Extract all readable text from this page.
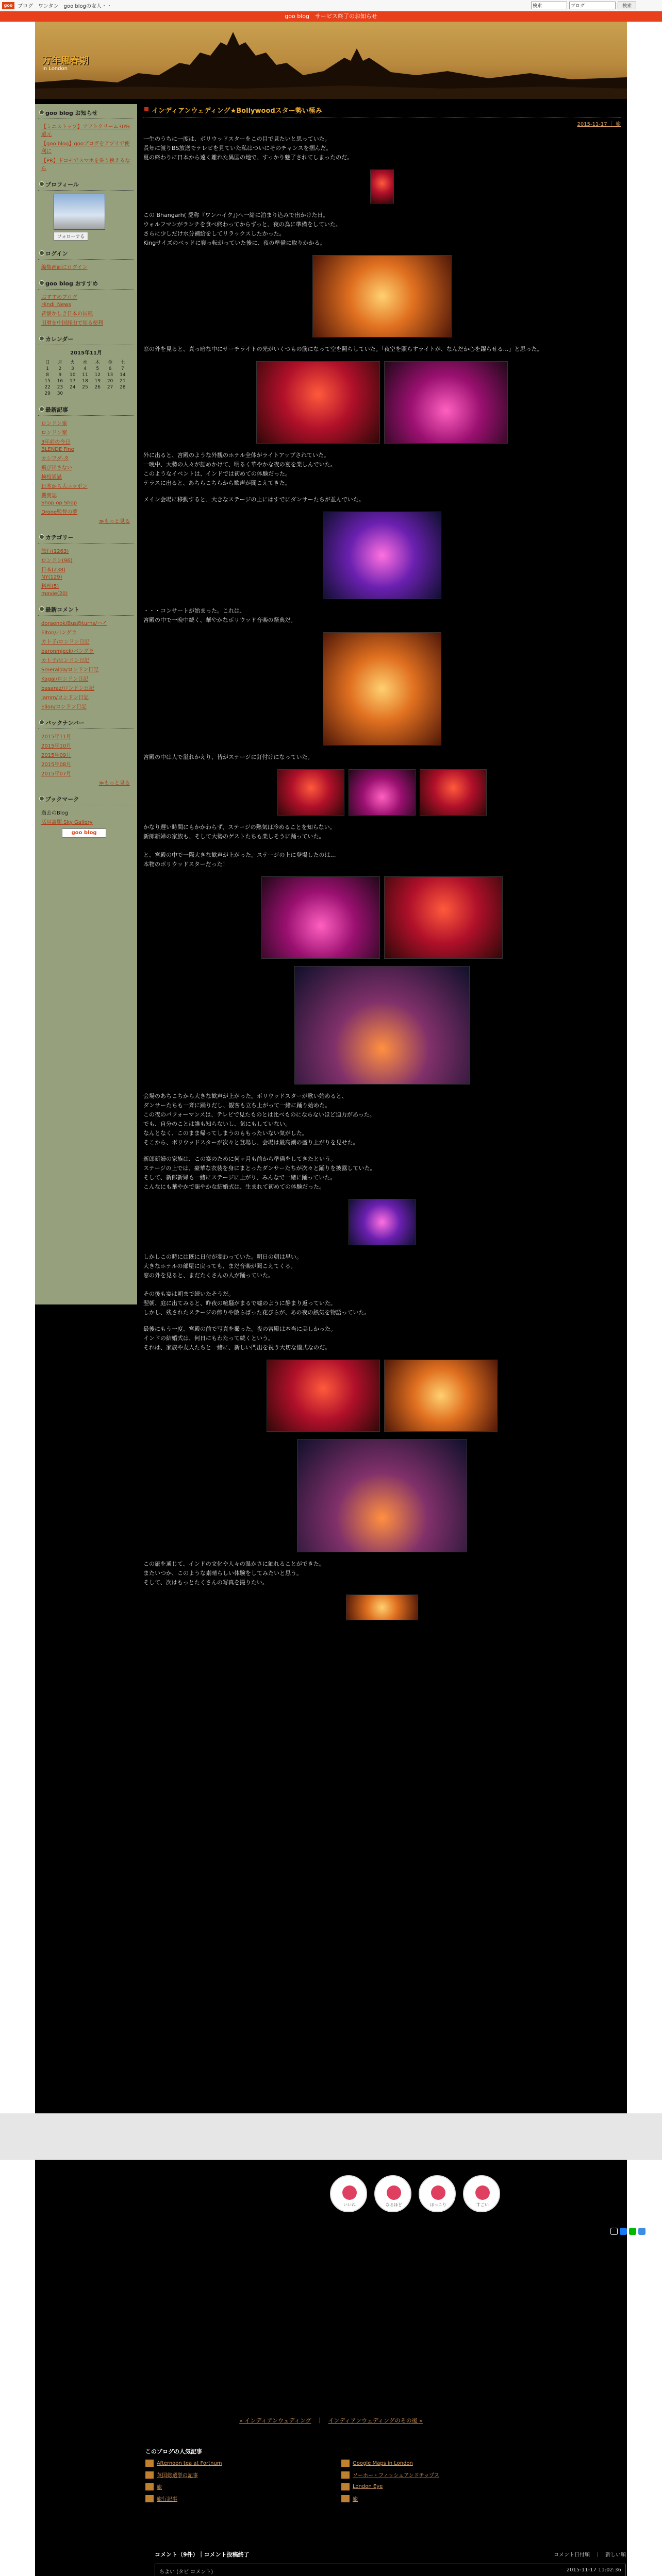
goo ブログ　ワンタン　goo blogの友人・・	検索	ブログ	検索
goo blog　サービス終了のお知らせ
万年思春期
in London
goo blog お知らせ
【ミニストップ】ソフトクリーム30%還元
【goo blog】gooブログをアプリで便利に
【PR】ドコモでスマホを乗り換えるなら
プロフィール
フォローする
ログイン
編集画面にログイン
goo blog おすすめ
おすすめブログ
Hindi_News
昔懐かしき日本の国風
旧暦を中国経由で知る便利
カレンダー
2015年11月
日	月	火	水	木	金	土
1	2	3	4	5	6	7
8	9	10	11	12	13	14
15	16	17	18	19	20	21
22	23	24	25	26	27	28
29	30					
最新記事
ロンドン案
ロンドン案
3年前の今日
BLENDE Fine
カシワダ-タ
飛び出さない
検疫通過
日本から大ニッポン
機関誌
Shop op Shop
Drone監督の夢
≫もっと見る
カテゴリー
旅行(1263)
ロンドン(96)
日本(238)
NY(129)
料理(5)
movie(20)
最新コメント
doraenok/Bus@turns/ハイ
Elton/バングラ
カト子/ロンドン日記
baronmjeck/バングラ
カト子/ロンドン日記
Smeralda/ロンドン日記
Kagai/ロンドン日記
basaraz/ロンドン日記
Jamm/ロンドン日記
Elion/ロンドン日記
バックナンバー
2015年11月
2015年10月
2015年09月
2015年08月
2015年07月
≫もっと見る
ブックマーク
過去のBlog
活用論題 Sky Gallery
goo blog
インディアンウェディング★Bollywoodスター勢い極み
2015-11-17 ｜ 旅
一生のうちに一度は、ボリウッドスターをこの目で見たいと思っていた。
長年に渡りBS放送でテレビを見ていた私はついにそのチャンスを掴んだ。
夏の終わりに日本から遠く離れた異国の地で、すっかり魅了されてしまったのだ。
この Bhangarh( 愛称『ワンハイク』)へ一緒に泊まり込みで出かけた日。
ウォルフマンがランチを食べ終わってからずっと、夜の為に準備をしていた。
さらに少しだけ水分補給をしてリラックスしたかった。
Kingサイズのベッドに寝っ転がっていた後に、夜の準備に取りかかる。
窓の外を見ると、真っ暗な中にサーチライトの光がいくつもの筋になって空を照らしていた。「夜空を照らすライトが、なんだか心を躍らせる…」と思った。
外に出ると、宮殿のような外観のホテル全体がライトアップされていた。
一晩中、大勢の人々が詰めかけて、明るく華やかな夜の宴を楽しんでいた。
このようなイベントは、インドでは初めての体験だった。
テラスに出ると、あちらこちらから歓声が聞こえてきた。
メイン会場に移動すると、大きなステージの上にはすでにダンサーたちが並んでいた。
・・・コンサートが始まった。これは、
宮殿の中で一晩中続く、華やかなボリウッド音楽の祭典だ。
宮殿の中は人で溢れかえり、皆がステージに釘付けになっていた。
かなり遅い時間にもかかわらず、ステージの熱気は冷めることを知らない。
新郎新婦の家族も、そして大勢のゲストたちも楽しそうに踊っていた。

と、宮殿の中で一際大きな歓声が上がった。ステージの上に登場したのは…
本物のボリウッドスターだった！
会場のあちこちから大きな歓声が上がった。ボリウッドスターが歌い始めると、
ダンサーたちも一斉に踊りだし、観客も立ち上がって一緒に踊り始めた。
この夜のパフォーマンスは、テレビで見たものとは比べものにならないほど迫力があった。
でも、自分のことは誰も知らないし、気にもしていない。
なんとなく、このまま帰ってしまうのももったいない気がした。
そこから、ボリウッドスターが次々と登場し、会場は最高潮の盛り上がりを見せた。
新郎新婦の家族は、この宴のために何ヶ月も前から準備をしてきたという。
ステージの上では、豪華な衣装を身にまとったダンサーたちが次々と踊りを披露していた。
そして、新郎新婦も一緒にステージに上がり、みんなで一緒に踊っていた。
こんなにも華やかで賑やかな結婚式は、生まれて初めての体験だった。
しかしこの時には既に日付が変わっていた。明日の朝は早い。
大きなホテルの部屋に戻っても、まだ音楽が聞こえてくる。
窓の外を見ると、まだたくさんの人が踊っていた。

その後も宴は朝まで続いたそうだ。
翌朝、庭に出てみると、昨夜の喧騒がまるで嘘のように静まり返っていた。
しかし、残されたステージの飾りや散らばった花びらが、あの夜の熱気を物語っていた。
最後にもう一度、宮殿の前で写真を撮った。夜の宮殿は本当に美しかった。
インドの結婚式は、何日にもわたって続くという。
それは、家族や友人たちと一緒に、新しい門出を祝う大切な儀式なのだ。
この旅を通じて、インドの文化や人々の温かさに触れることができた。
またいつか、このような素晴らしい体験をしてみたいと思う。
そして、次はもっとたくさんの写真を撮りたい。
いいね	なるほど	ほっこり	すごい
« インディアンウェディング　｜　インディアンウェディングのその後 »
このブログの人気記事
Afternoon tea at Fortnum	Google Maps in London
英国総選挙の記事	ソーホー・フィッシュアンドチップス
旅	London Eye
旅行記事	旅
コメント（9件）｜コメント投稿終了	コメント日付順　｜　新しい順
ちよい (タビ コメント)	2015-11-17 11:02:36
